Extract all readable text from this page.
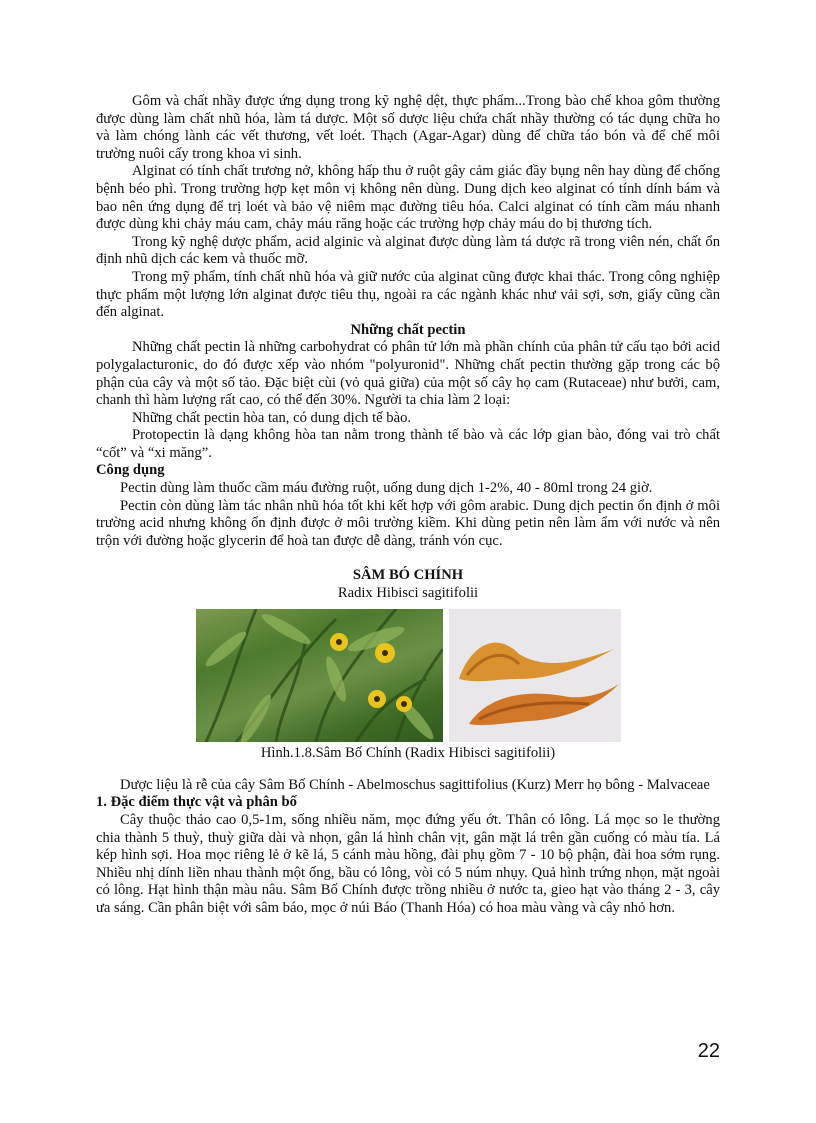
Gôm và chất nhầy được ứng dụng trong kỹ nghệ dệt, thực phẩm...Trong bào chế khoa gôm thường được dùng làm chất nhũ hóa, làm tá dược. Một số dược liệu chứa chất nhầy thường có tác dụng chữa ho và làm chóng lành các vết thương, vết loét. Thạch (Agar-Agar) dùng để chữa táo bón và để chế môi trường nuôi cấy trong khoa vi sinh.

Alginat có tính chất trương nở, không hấp thu ở ruột gây cảm giác đầy bụng nên hay dùng để chống bệnh béo phì. Trong trường hợp kẹt môn vị không nên dùng. Dung dịch keo alginat có tính dính bám và bao nên ứng dụng để trị loét và bảo vệ niêm mạc đường tiêu hóa. Calci alginat có tính cầm máu nhanh được dùng khi chảy máu cam, chảy máu răng hoặc các trường hợp chảy máu do bị thương tích.

Trong kỹ nghệ dược phẩm, acid alginic và alginat được dùng làm tá dược rã trong viên nén, chất ổn định nhũ dịch các kem và thuốc mỡ.

Trong mỹ phẩm, tính chất nhũ hóa và giữ nước của alginat cũng được khai thác. Trong công nghiệp thực phẩm một lượng lớn alginat được tiêu thụ, ngoài ra các ngành khác như vải sợi, sơn, giấy cũng cần đến alginat.

Những chất pectin

Những chất pectin là những carbohydrat có phân tử lớn mà phần chính của phân tử cấu tạo bởi acid polygalacturonic, do đó được xếp vào nhóm "polyuronid". Những chất pectin thường gặp trong các bộ phận của cây và một số tảo. Đặc biệt cùi (vỏ quả giữa) của một số cây họ cam (Rutaceae) như bưởi, cam, chanh thì hàm lượng rất cao, có thể đến 30%. Người ta chia làm 2 loại:

Những chất pectin hòa tan, có dung dịch tế bào.

Protopectin là dạng không hòa tan nằm trong thành tế bào và các lớp gian bào, đóng vai trò chất “cốt” và “xi măng”.

Công dụng

Pectin dùng làm thuốc cầm máu đường ruột, uống dung dịch 1-2%, 40 - 80ml trong 24 giờ.

Pectin còn dùng làm tác nhân nhũ hóa tốt khi kết hợp với gôm arabic. Dung dịch pectin ổn định ở môi trường acid nhưng không ổn định được ở môi trường kiềm. Khi dùng petin nên làm ẩm với nước và nên trộn với đường hoặc glycerin để hoà tan được dễ dàng, tránh vón cục.

SÂM BÓ CHÍNH

Radix Hibisci sagitifolii

Hình.1.8.Sâm Bố Chính (Radix Hibisci sagitifolii)

Dược liệu là rễ của cây Sâm Bố Chính - Abelmoschus sagittifolius (Kurz) Merr họ bông - Malvaceae

1. Đặc điểm thực vật và phân bố

Cây thuộc thảo cao 0,5-1m, sống nhiều năm, mọc đứng yếu ớt. Thân có lông. Lá mọc so le thường chia thành 5 thuỳ, thuỳ giữa dài và nhọn, gân lá hình chân vịt, gân mặt lá trên gần cuống có màu tía. Lá kép hình sợi. Hoa mọc riêng lẻ ở kẽ lá, 5 cánh màu hồng, đài phụ gồm 7 - 10 bộ phận, đài hoa sớm rụng. Nhiều nhị dính liền nhau thành một ống, bầu có lông, vòi có 5 núm nhụy. Quả hình trứng nhọn, mặt ngoài có lông. Hạt hình thận màu nâu. Sâm Bố Chính được trồng nhiều ở nước ta, gieo hạt vào tháng 2 - 3, cây ưa sáng. Cần phân biệt với sâm báo, mọc ở núi Báo (Thanh Hóa) có hoa màu vàng và cây nhỏ hơn.

22
